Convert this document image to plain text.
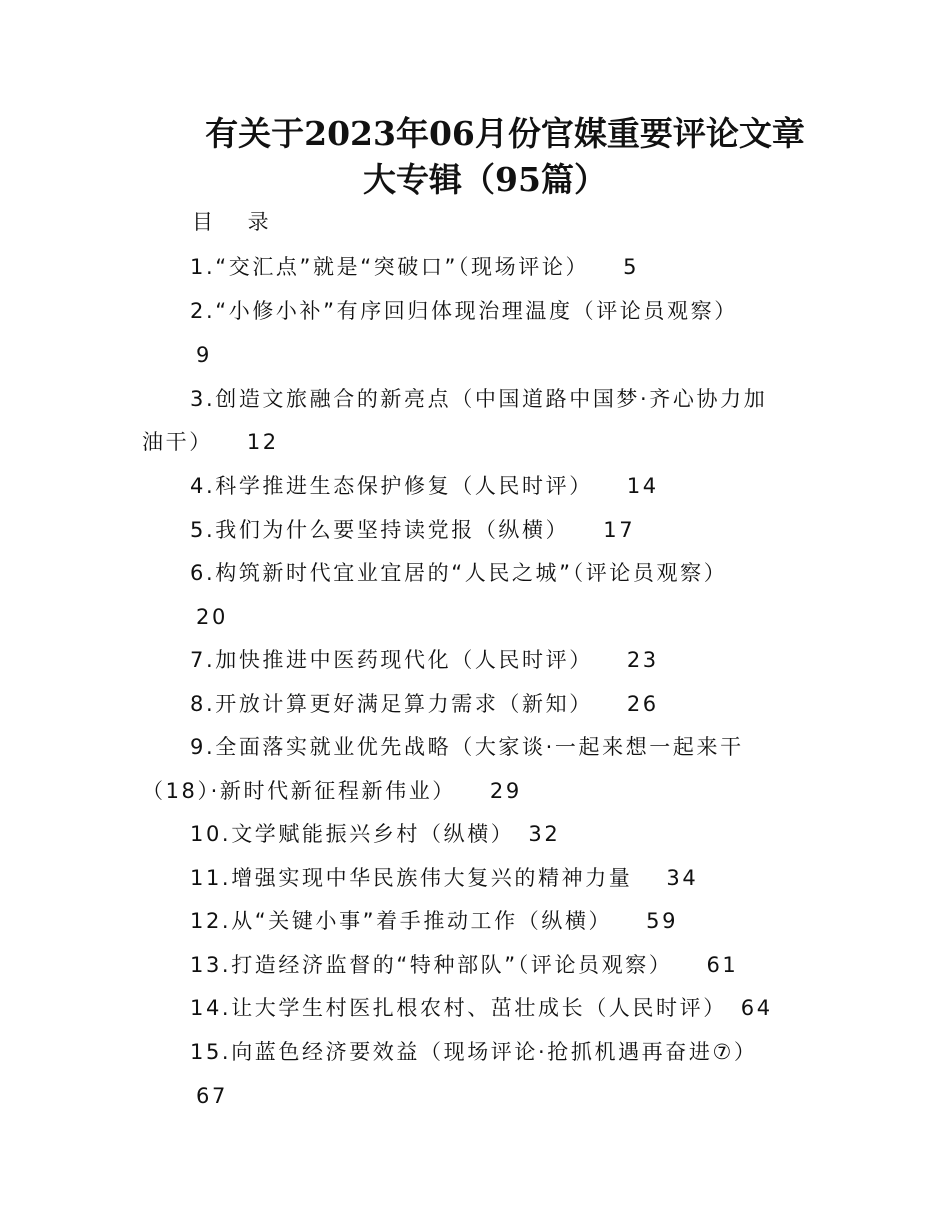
有关于2023年06月份官媒重要评论文章
大专辑（95篇）
目 录
1.“交汇点”就是“突破口”（现场评论） 5
2.“小修小补”有序回归体现治理温度（评论员观察）
9
3.创造文旅融合的新亮点（中国道路中国梦·齐心协力加
油干） 12
4.科学推进生态保护修复（人民时评） 14
5.我们为什么要坚持读党报（纵横） 17
6.构筑新时代宜业宜居的“人民之城”（评论员观察）
20
7.加快推进中医药现代化（人民时评） 23
8.开放计算更好满足算力需求（新知） 26
9.全面落实就业优先战略（大家谈·一起来想一起来干
（18）·新时代新征程新伟业） 29
10.文学赋能振兴乡村（纵横） 32
11.增强实现中华民族伟大复兴的精神力量 34
12.从“关键小事”着手推动工作（纵横） 59
13.打造经济监督的“特种部队”（评论员观察） 61
14.让大学生村医扎根农村、茁壮成长（人民时评） 64
15.向蓝色经济要效益（现场评论·抢抓机遇再奋进⑦）
67
